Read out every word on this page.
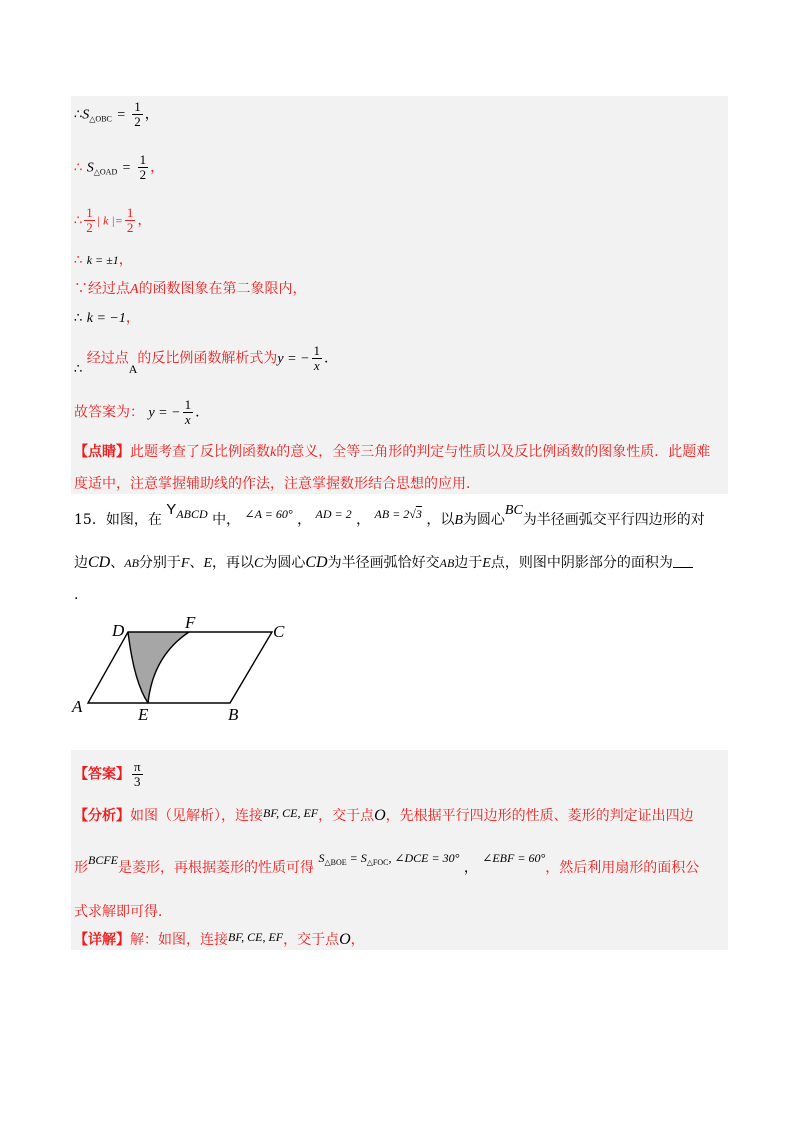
$\therefore S_{\triangle OBC} = \frac{1}{2}$ ，
∴ $S_{\triangle OAD} = \frac{1}{2}$ ，
∴ $\frac{1}{2}$ | k |= $\frac{1}{2}$ ，
∴ k = ±1，
∵经过点A的函数图象在第二象限内，
∴ k = −1，
∴ 经过点A的反比例函数解析式为y = − $\frac{1}{x}$ .
故答案为： y = − $\frac{1}{x}$ .
【点睛】此题考查了反比例函数k的意义，全等三角形的判定与性质以及反比例函数的图象性质．此题难
度适中，注意掌握辅助线的作法，注意掌握数形结合思想的应用．
15．如图，在 YABCD 中， ∠A = 60° ， AD = 2 ， AB = 2√3 ，以B为圆心BC为半径画弧交平行四边形的对
边CD、AB分别于F、E，再以C为圆心CD为半径画弧恰好交AB边于E点，则图中阴影部分的面积为
.
A	B
C
D
E
F
【答案】 $\frac{\pi}{3}$
【分析】如图（见解析），连接BF, CE, EF，交于点O，先根据平行四边形的性质、菱形的判定证出四边
形BCFE是菱形，再根据菱形的性质可得 $S_{\triangle BOE} = S_{\triangle FOC}$, ∠DCE = 30° ， ∠EBF = 60°，然后利用扇形的面积公
式求解即可得．
【详解】解：如图，连接BF, CE, EF，交于点O，
